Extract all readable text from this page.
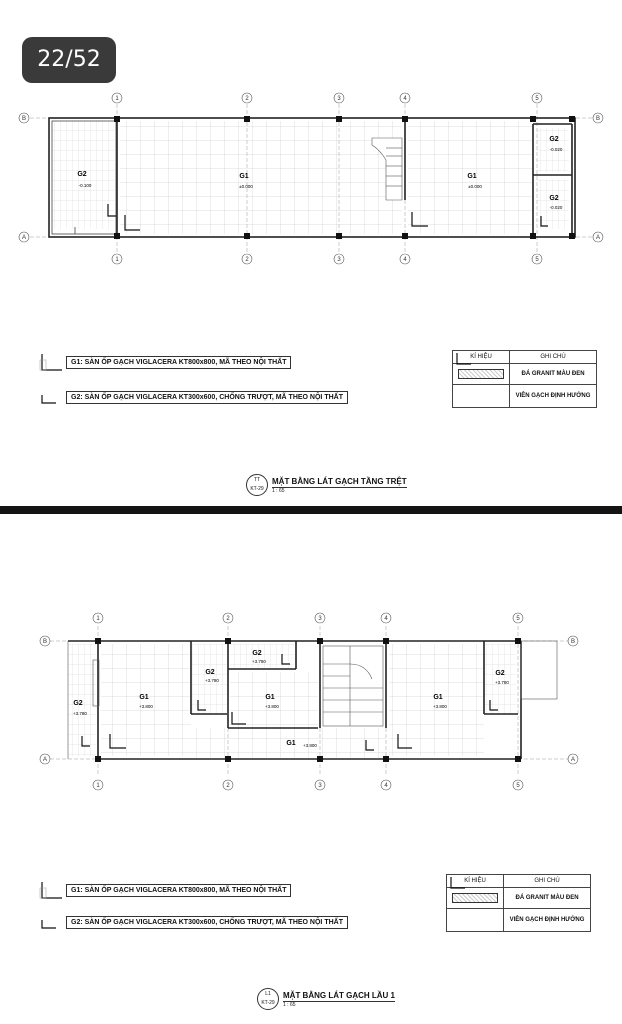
G2
-0.100
G1
±0.000
G1
±0.000
G2
-0.020
G2
-0.020
1	2	3	4	5
1	2	3	4	5
B	B
A	A
G1: SÀN ỐP GẠCH VIGLACERA KT800x800, MÃ THEO NỘI THẤT
G2: SÀN ỐP GẠCH VIGLACERA KT300x600, CHỐNG TRƯỢT, MÃ THEO NỘI THẤT
KÍ HIỆU	GHI CHÚ

	ĐÁ GRANIT MÀU ĐEN

	VIÊN GẠCH ĐỊNH HƯỚNG
TT
KT-29
MẶT BẰNG LÁT GẠCH TẦNG TRỆT
1 : 65
G2
+3.780
G1
+3.800
G2
+3.780
G2
+3.780
G1
+3.800
G1 +3.800
G1
+3.800
G2
+3.780
1	2	3	4	5
1	2	3	4	5
B	B
A	A
G1: SÀN ỐP GẠCH VIGLACERA KT800x800, MÃ THEO NỘI THẤT
G2: SÀN ỐP GẠCH VIGLACERA KT300x600, CHỐNG TRƯỢT, MÃ THEO NỘI THẤT
KÍ HIỆU	GHI CHÚ

	ĐÁ GRANIT MÀU ĐEN

	VIÊN GẠCH ĐỊNH HƯỚNG
L1
KT-29
MẶT BẰNG LÁT GẠCH LẦU 1
1 : 65
22/52
